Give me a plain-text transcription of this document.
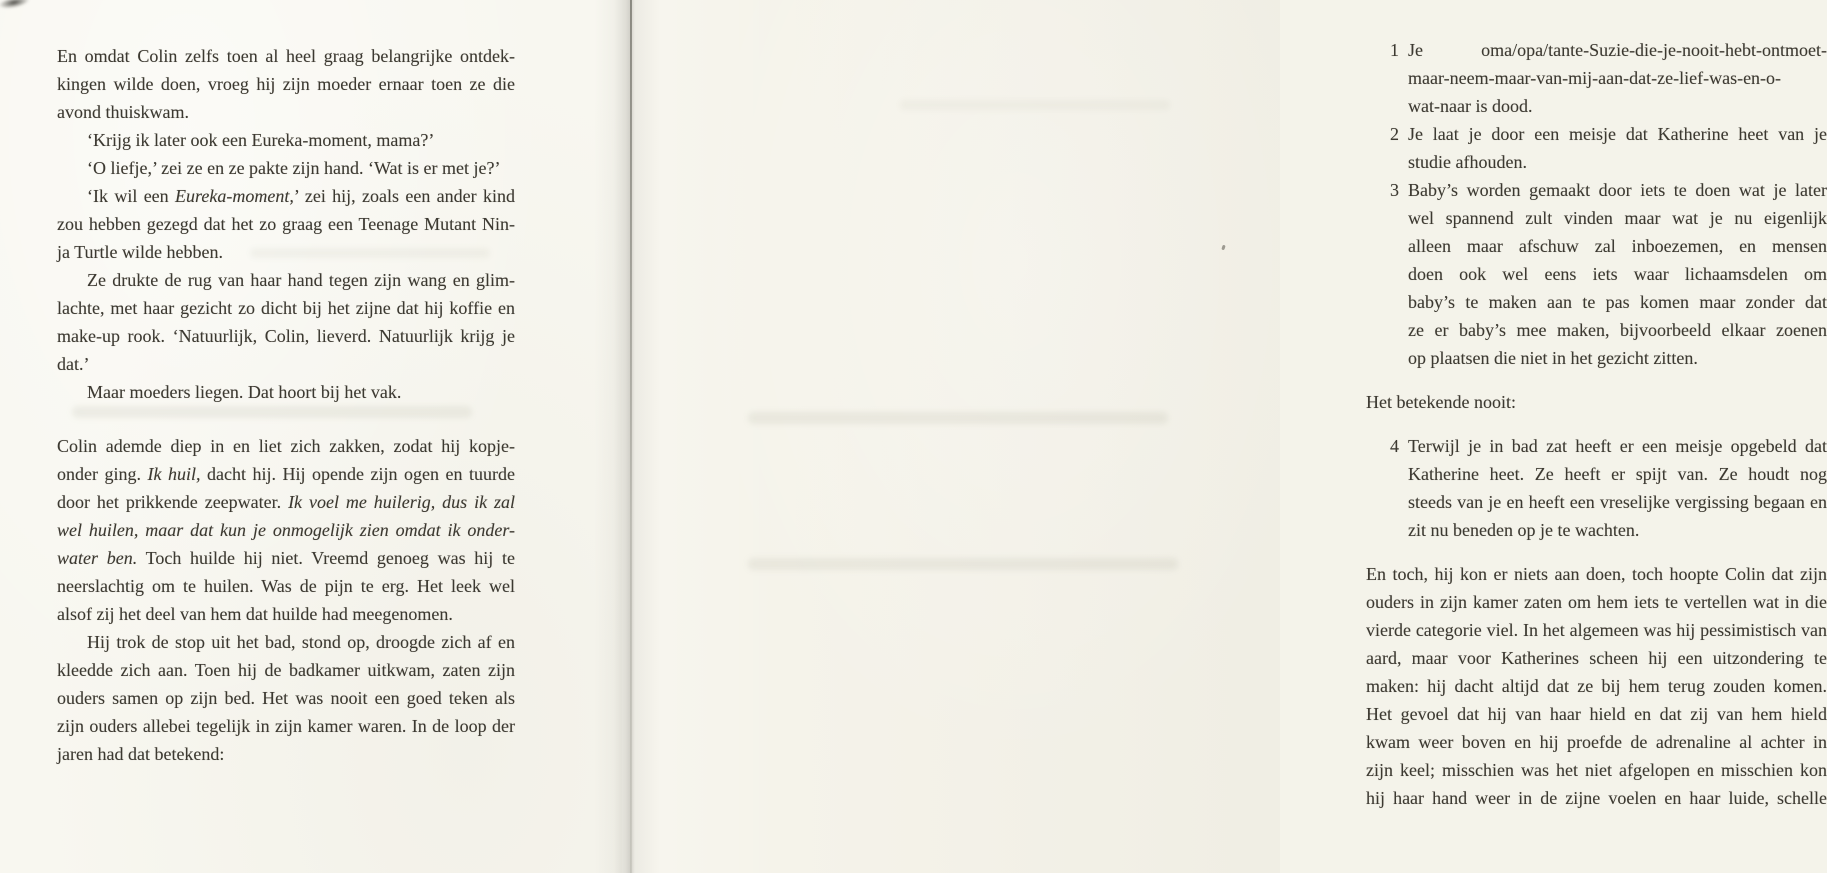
En omdat Colin zelfs toen al heel graag belangrijke ontdek-
kingen wilde doen, vroeg hij zijn moeder ernaar toen ze die
avond thuiskwam.
‘Krijg ik later ook een Eureka-moment, mama?’
‘O liefje,’ zei ze en ze pakte zijn hand. ‘Wat is er met je?’
‘Ik wil een Eureka-moment,’ zei hij, zoals een ander kind
zou hebben gezegd dat het zo graag een Teenage Mutant Nin-
ja Turtle wilde hebben.
Ze drukte de rug van haar hand tegen zijn wang en glim-
lachte, met haar gezicht zo dicht bij het zijne dat hij koffie en
make-up rook. ‘Natuurlijk, Colin, lieverd. Natuurlijk krijg je
dat.’
Maar moeders liegen. Dat hoort bij het vak.
Colin ademde diep in en liet zich zakken, zodat hij kopje-
onder ging. Ik huil, dacht hij. Hij opende zijn ogen en tuurde
door het prikkende zeepwater. Ik voel me huilerig, dus ik zal
wel huilen, maar dat kun je onmogelijk zien omdat ik onder-
water ben. Toch huilde hij niet. Vreemd genoeg was hij te
neerslachtig om te huilen. Was de pijn te erg. Het leek wel
alsof zij het deel van hem dat huilde had meegenomen.
Hij trok de stop uit het bad, stond op, droogde zich af en
kleedde zich aan. Toen hij de badkamer uitkwam, zaten zijn
ouders samen op zijn bed. Het was nooit een goed teken als
zijn ouders allebei tegelijk in zijn kamer waren. In de loop der
jaren had dat betekend:
1 Je oma/opa/tante-Suzie-die-je-nooit-hebt-ontmoet-
maar-neem-maar-van-mij-aan-dat-ze-lief-was-en-o-
wat-naar is dood.
2 Je laat je door een meisje dat Katherine heet van je
studie afhouden.
3 Baby’s worden gemaakt door iets te doen wat je later
wel spannend zult vinden maar wat je nu eigenlijk
alleen maar afschuw zal inboezemen, en mensen
doen ook wel eens iets waar lichaamsdelen om
baby’s te maken aan te pas komen maar zonder dat
ze er baby’s mee maken, bijvoorbeeld elkaar zoenen
op plaatsen die niet in het gezicht zitten.
Het betekende nooit:
4 Terwijl je in bad zat heeft er een meisje opgebeld dat
Katherine heet. Ze heeft er spijt van. Ze houdt nog
steeds van je en heeft een vreselijke vergissing begaan en
zit nu beneden op je te wachten.
En toch, hij kon er niets aan doen, toch hoopte Colin dat zijn
ouders in zijn kamer zaten om hem iets te vertellen wat in die
vierde categorie viel. In het algemeen was hij pessimistisch van
aard, maar voor Katherines scheen hij een uitzondering te
maken: hij dacht altijd dat ze bij hem terug zouden komen.
Het gevoel dat hij van haar hield en dat zij van hem hield
kwam weer boven en hij proefde de adrenaline al achter in
zijn keel; misschien was het niet afgelopen en misschien kon
hij haar hand weer in de zijne voelen en haar luide, schelle
